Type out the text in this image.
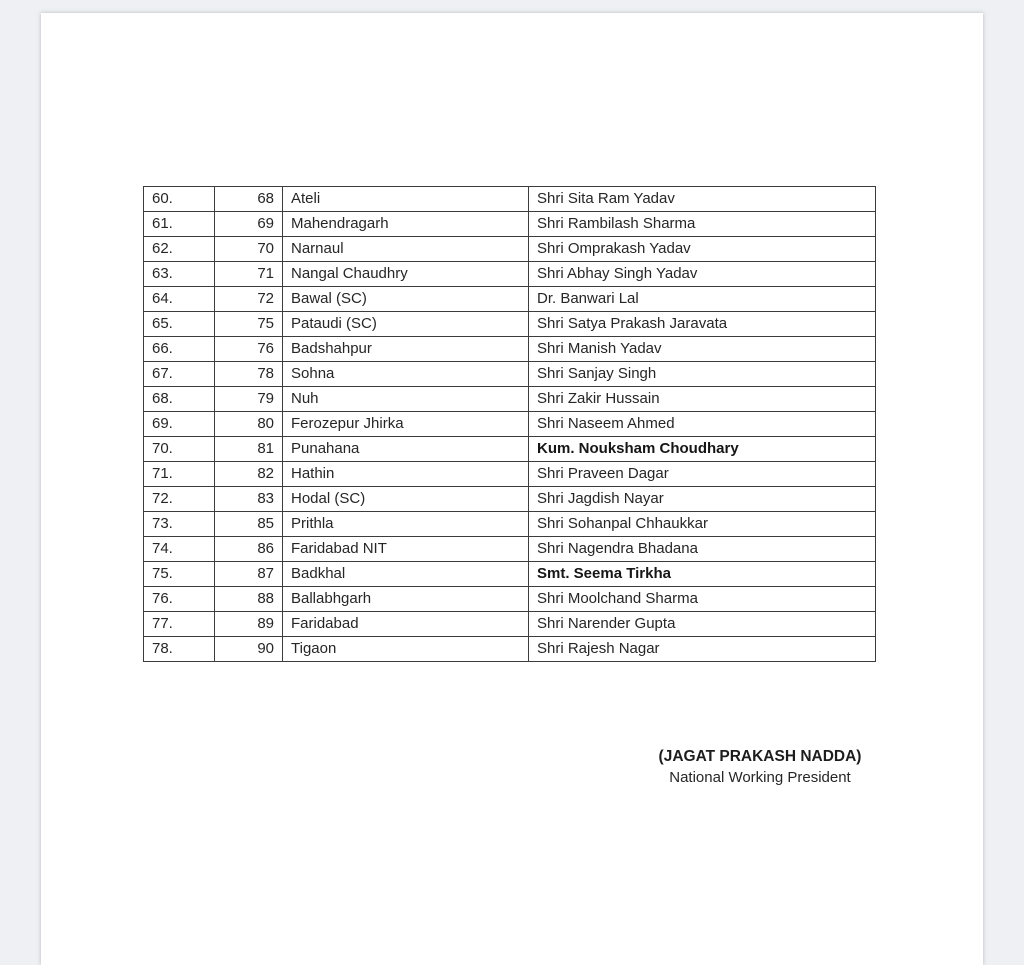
60.	68	Ateli	Shri Sita Ram Yadav
61.	69	Mahendragarh	Shri Rambilash Sharma
62.	70	Narnaul	Shri Omprakash Yadav
63.	71	Nangal Chaudhry	Shri Abhay Singh Yadav
64.	72	Bawal (SC)	Dr. Banwari Lal
65.	75	Pataudi (SC)	Shri Satya Prakash Jaravata
66.	76	Badshahpur	Shri Manish Yadav
67.	78	Sohna	Shri Sanjay Singh
68.	79	Nuh	Shri Zakir Hussain
69.	80	Ferozepur Jhirka	Shri Naseem Ahmed
70.	81	Punahana	Kum. Nouksham Choudhary
71.	82	Hathin	Shri Praveen Dagar
72.	83	Hodal (SC)	Shri Jagdish Nayar
73.	85	Prithla	Shri Sohanpal Chhaukkar
74.	86	Faridabad NIT	Shri Nagendra Bhadana
75.	87	Badkhal	Smt. Seema Tirkha
76.	88	Ballabhgarh	Shri Moolchand Sharma
77.	89	Faridabad	Shri Narender Gupta
78.	90	Tigaon	Shri Rajesh Nagar
(JAGAT PRAKASH NADDA)
National Working President
